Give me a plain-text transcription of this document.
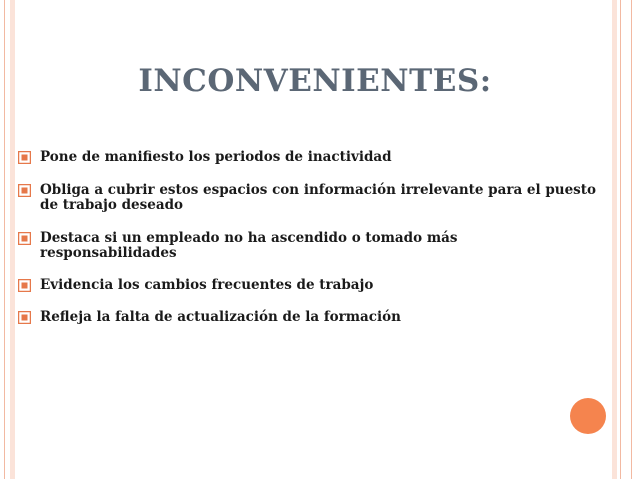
INCONVENIENTES:
Pone de manifiesto los periodos de inactividad
Obliga a cubrir estos espacios con información irrelevante para el puesto de trabajo deseado
Destaca si un empleado no ha ascendido o tomado más responsabilidades
Evidencia los cambios frecuentes de trabajo
Refleja la falta de actualización de la formación
